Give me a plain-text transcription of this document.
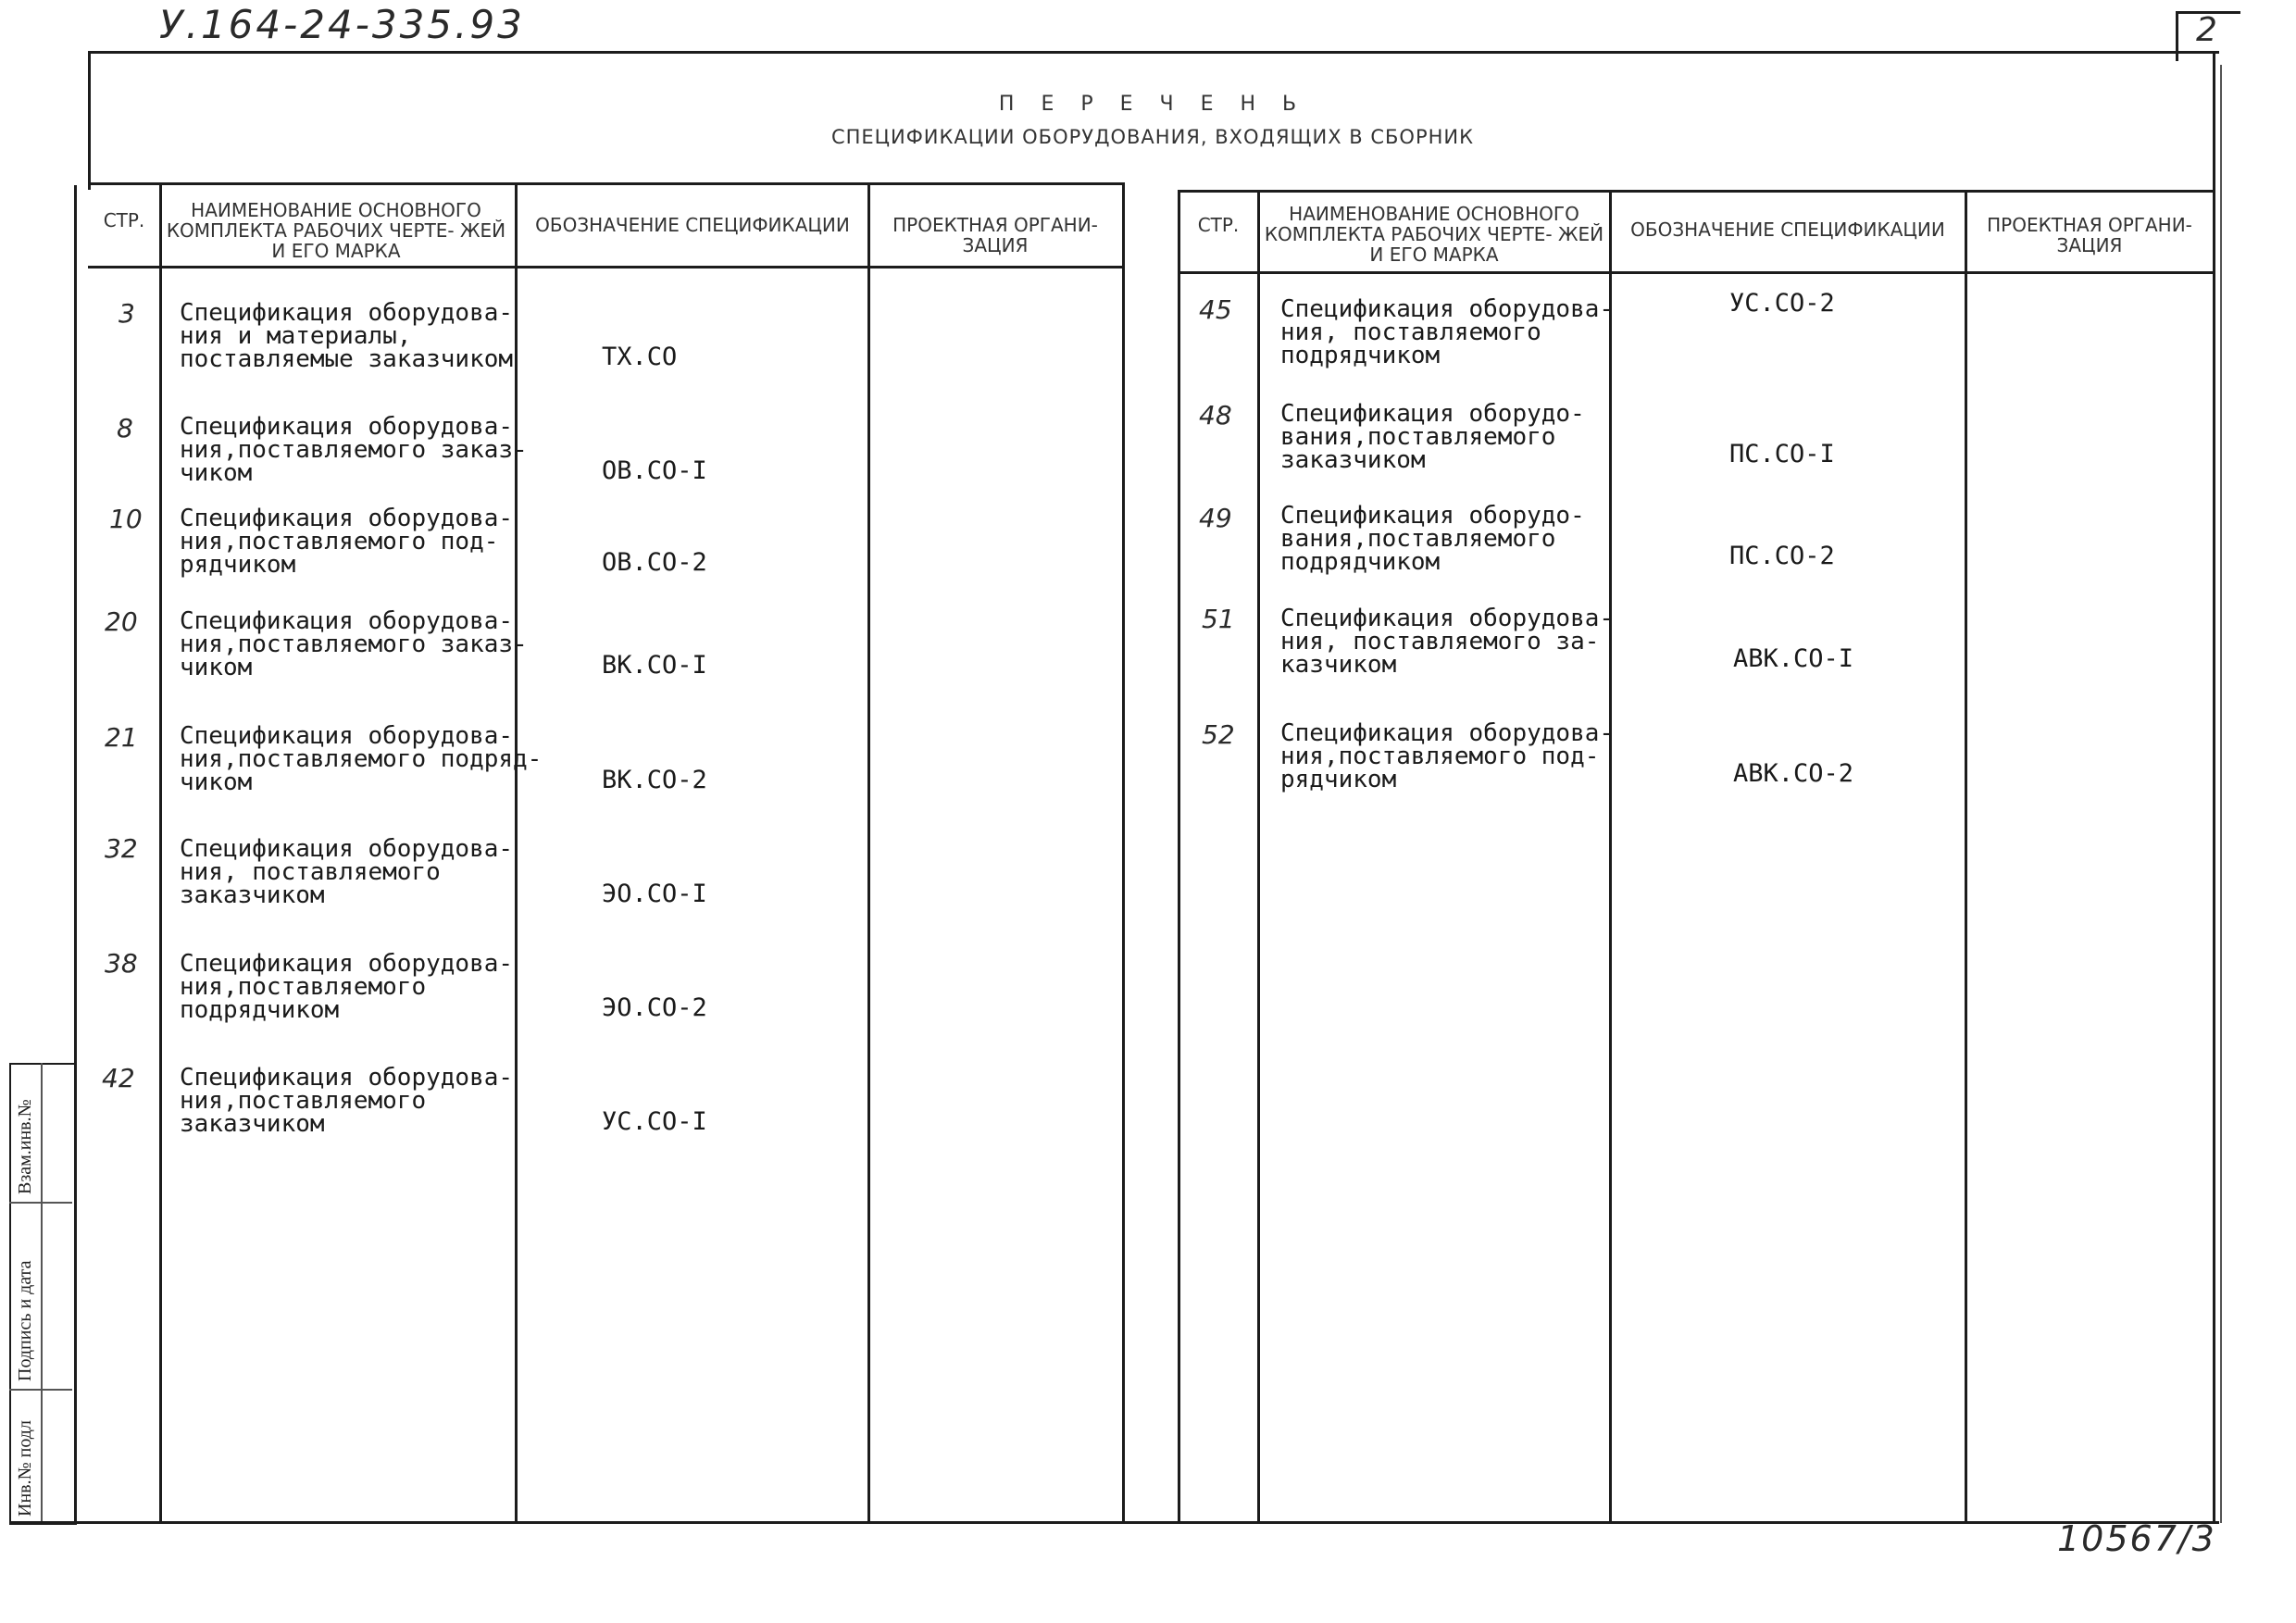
У.164-24-335.93	2
10567/3
П Е Р Е Ч Е Н Ь
СПЕЦИФИКАЦИИ ОБОРУДОВАНИЯ, ВХОДЯЩИХ В СБОРНИК
СТР.	НАИМЕНОВАНИЕ ОСНОВНОГО КОМПЛЕКТА РАБОЧИХ ЧЕРТЕ- ЖЕЙ И ЕГО МАРКА
ОБОЗНАЧЕНИЕ СПЕЦИФИКАЦИИ	ПРОЕКТНАЯ ОРГАНИ- ЗАЦИЯ
СТР.	НАИМЕНОВАНИЕ ОСНОВНОГО КОМПЛЕКТА РАБОЧИХ ЧЕРТЕ- ЖЕЙ И ЕГО МАРКА
ОБОЗНАЧЕНИЕ СПЕЦИФИКАЦИИ	ПРОЕКТНАЯ ОРГАНИ- ЗАЦИЯ
3 Спецификация оборудова-
ния и материалы,
поставляемые заказчиком	ТХ.СО
8 Спецификация оборудова-
ния,поставляемого заказ-
чиком	ОВ.СО-I
10 Спецификация оборудова-
ния,поставляемого под-
рядчиком	ОВ.СО-2
20 Спецификация оборудова-
ния,поставляемого заказ-
чиком	ВК.СО-I
21 Спецификация оборудова-
ния,поставляемого подряд-
чиком	ВК.СО-2
32 Спецификация оборудова-
ния, поставляемого
заказчиком	ЭО.СО-I
38 Спецификация оборудова-
ния,поставляемого
подрядчиком	ЭО.СО-2
42 Спецификация оборудова-
ния,поставляемого
заказчиком	УС.СО-I
45 Спецификация оборудова-
ния, поставляемого
подрядчиком
УС.СО-2
48 Спецификация оборудо-
вания,поставляемого
заказчиком	ПС.СО-I
49 Спецификация оборудо-
вания,поставляемого
подрядчиком	ПС.СО-2
51 Спецификация оборудова-
ния, поставляемого за-
казчиком	АВК.СО-I
52 Спецификация оборудова-
ния,поставляемого под-
рядчиком	АВК.СО-2
Взам.инв.№
Подпись и дата
Инв.№ подл
